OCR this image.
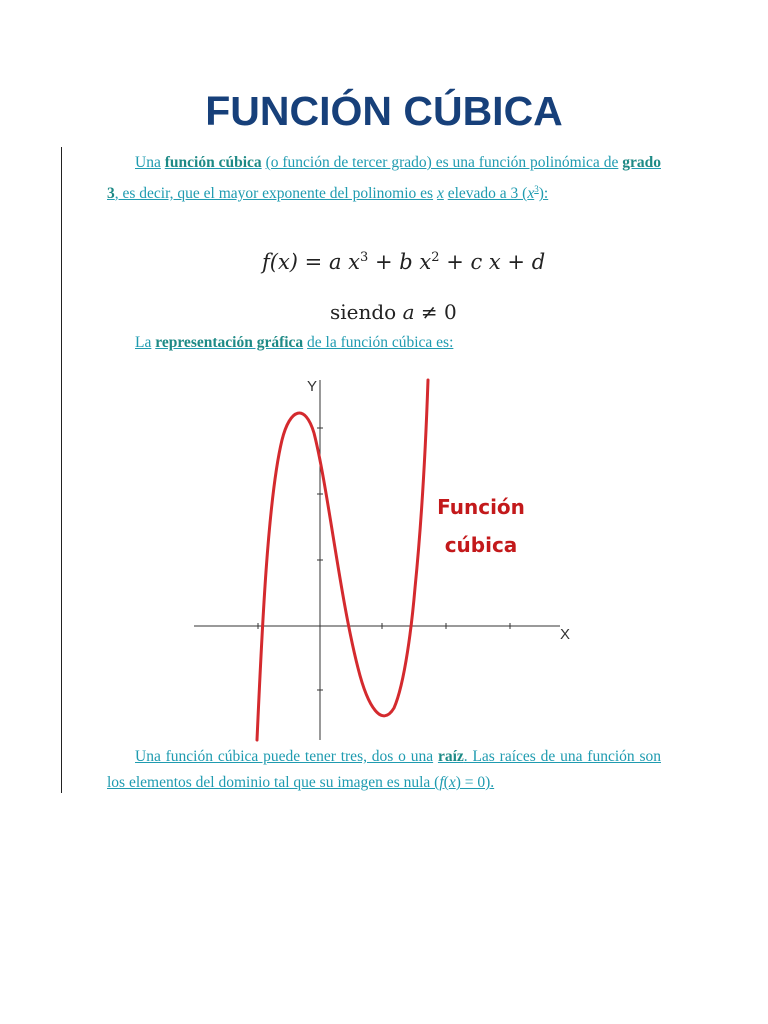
FUNCIÓN CÚBICA

Una función cúbica (o función de tercer grado) es una función polinómica de grado 3, es decir, que el mayor exponente del polinomio es x elevado a 3 $(x^3)$:

f(x) = a $x^3 + b$ $x^2 + c$ x + d
siendo a ≠ 0

La representación gráfica de la función cúbica es:

Y
X
Función
cúbica

Una función cúbica puede tener tres, dos o una raíz. Las raíces de una función son los elementos del dominio tal que su imagen es nula (f(x) = 0).
